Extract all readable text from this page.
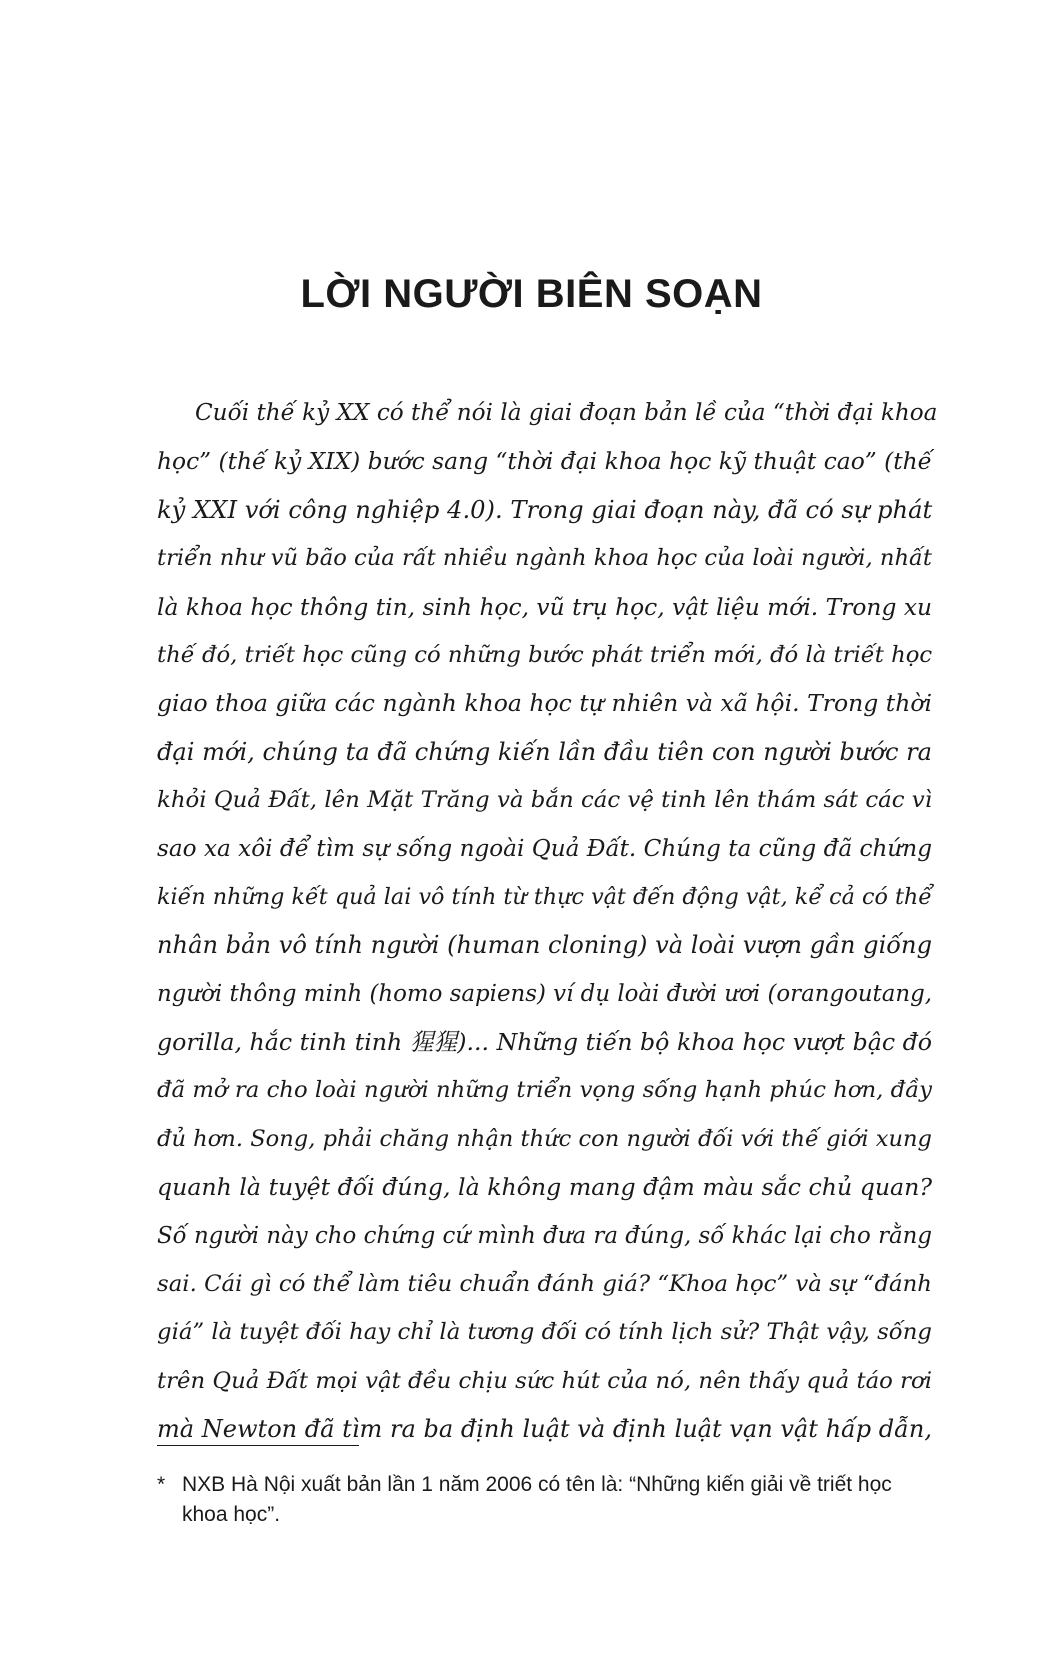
LỜI NGƯỜI BIÊN SOẠN
Cuối thế kỷ XX có thể nói là giai đoạn bản lề của “thời đại khoa
học” (thế kỷ XIX) bước sang “thời đại khoa học kỹ thuật cao” (thế
kỷ XXI với công nghiệp 4.0). Trong giai đoạn này, đã có sự phát
triển như vũ bão của rất nhiều ngành khoa học của loài người, nhất
là khoa học thông tin, sinh học, vũ trụ học, vật liệu mới. Trong xu
thế đó, triết học cũng có những bước phát triển mới, đó là triết học
giao thoa giữa các ngành khoa học tự nhiên và xã hội. Trong thời
đại mới, chúng ta đã chứng kiến lần đầu tiên con người bước ra
khỏi Quả Đất, lên Mặt Trăng và bắn các vệ tinh lên thám sát các vì
sao xa xôi để tìm sự sống ngoài Quả Đất. Chúng ta cũng đã chứng
kiến những kết quả lai vô tính từ thực vật đến động vật, kể cả có thể
nhân bản vô tính người (human cloning) và loài vượn gần giống
người thông minh (homo sapiens) ví dụ loài đười ươi (orangoutang,
gorilla, hắc tinh tinh 猩猩)... Những tiến bộ khoa học vượt bậc đó
đã mở ra cho loài người những triển vọng sống hạnh phúc hơn, đầy
đủ hơn. Song, phải chăng nhận thức con người đối với thế giới xung
quanh là tuyệt đối đúng, là không mang đậm màu sắc chủ quan?
Số người này cho chứng cứ mình đưa ra đúng, số khác lại cho rằng
sai. Cái gì có thể làm tiêu chuẩn đánh giá? “Khoa học” và sự “đánh
giá” là tuyệt đối hay chỉ là tương đối có tính lịch sử? Thật vậy, sống
trên Quả Đất mọi vật đều chịu sức hút của nó, nên thấy quả táo rơi
mà Newton đã tìm ra ba định luật và định luật vạn vật hấp dẫn,
* NXB Hà Nội xuất bản lần 1 năm 2006 có tên là: “Những kiến giải về triết học
khoa học”.
